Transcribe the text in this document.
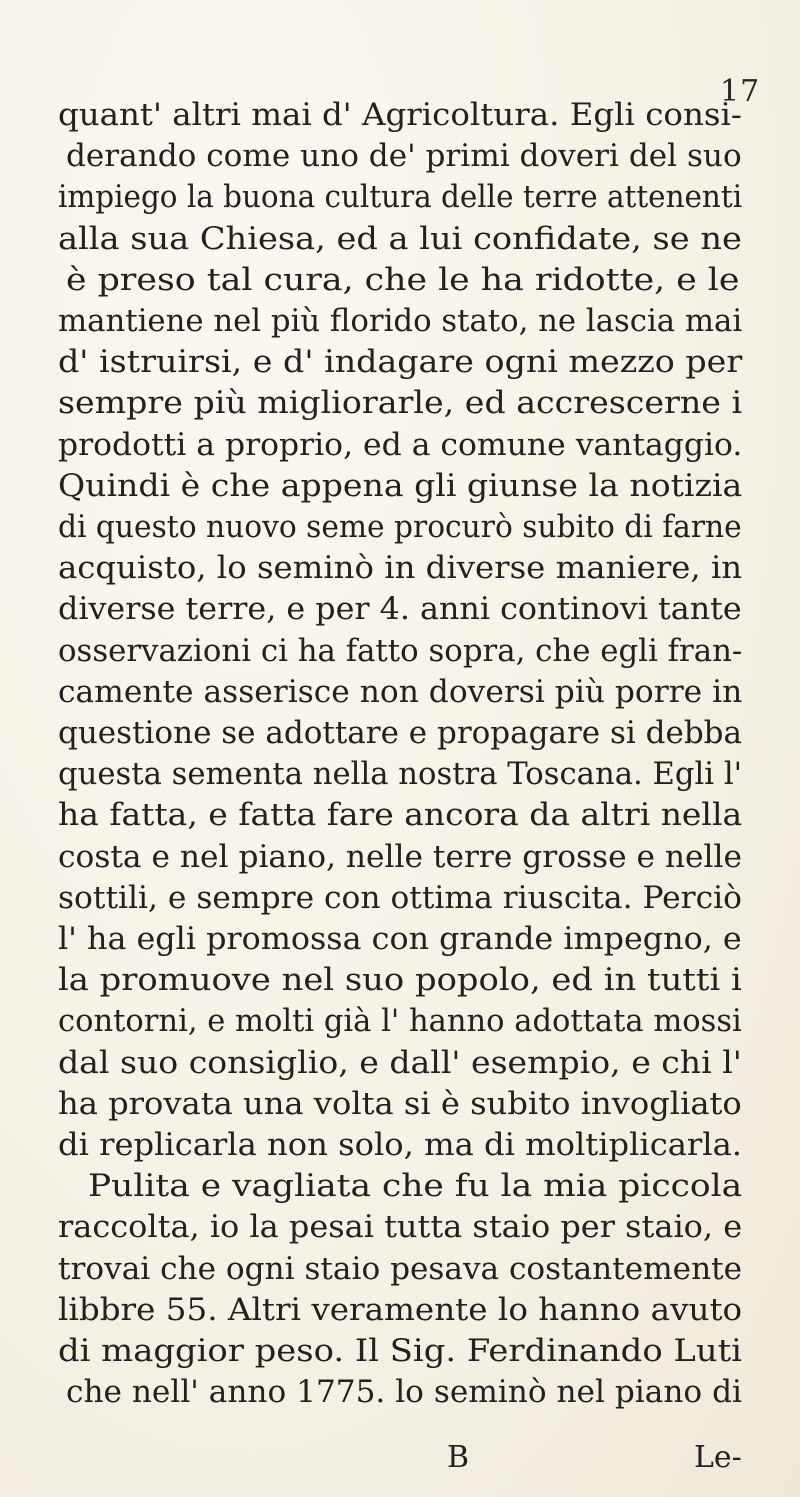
17
quant' altri mai d' Agricoltura. Egli consi-
derando come uno de' primi doveri del suo
impiego la buona cultura delle terre attenenti
alla sua Chiesa, ed a lui confidate, se ne
è preso tal cura, che le ha ridotte, e le
mantiene nel più florido stato, ne lascia mai
d' istruirsi, e d' indagare ogni mezzo per
sempre più migliorarle, ed accrescerne i
prodotti a proprio, ed a comune vantaggio.
Quindi è che appena gli giunse la notizia
di questo nuovo seme procurò subito di farne
acquisto, lo seminò in diverse maniere, in
diverse terre, e per 4. anni continovi tante
osservazioni ci ha fatto sopra, che egli fran-
camente asserisce non doversi più porre in
questione se adottare e propagare si debba
questa sementa nella nostra Toscana. Egli l'
ha fatta, e fatta fare ancora da altri nella
costa e nel piano, nelle terre grosse e nelle
sottili, e sempre con ottima riuscita. Perciò
l' ha egli promossa con grande impegno, e
la promuove nel suo popolo, ed in tutti i
contorni, e molti già l' hanno adottata mossi
dal suo consiglio, e dall' esempio, e chi l'
ha provata una volta si è subito invogliato
di replicarla non solo, ma di moltiplicarla.
Pulita e vagliata che fu la mia piccola
raccolta, io la pesai tutta staio per staio, e
trovai che ogni staio pesava costantemente
libbre 55. Altri veramente lo hanno avuto
di maggior peso. Il Sig. Ferdinando Luti
che nell' anno 1775. lo seminò nel piano di
B	Le-
